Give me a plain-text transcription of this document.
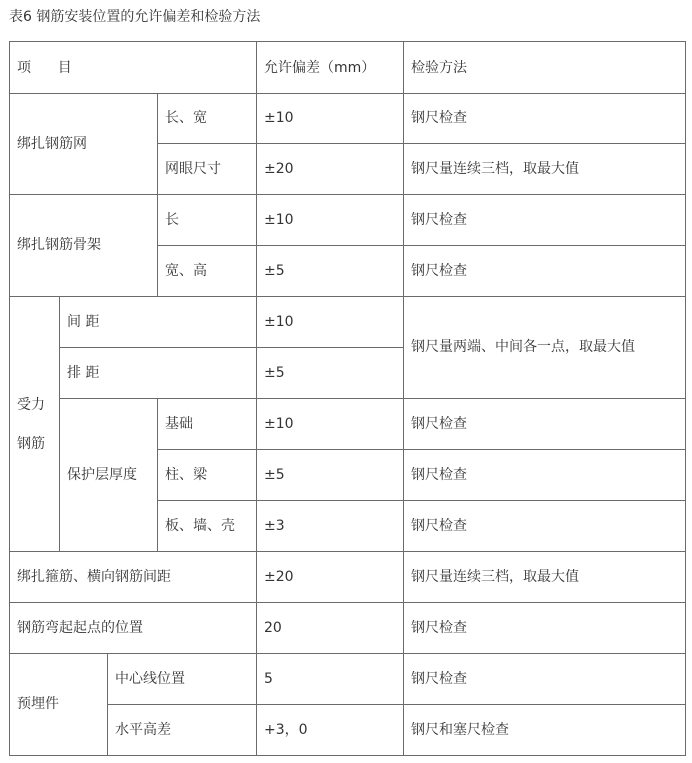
表6 钢筋安装位置的允许偏差和检验方法
项      目	允许偏差（mm）	检验方法
绑扎钢筋网
长、宽	±10	钢尺检查
网眼尺寸	±20	钢尺量连续三档，取最大值
绑扎钢筋骨架
长	±10	钢尺检查
宽、高	±5	钢尺检查
受力
钢筋
间 距	±10
排 距	±5
钢尺量两端、中间各一点，取最大值
保护层厚度
基础	±10	钢尺检查
柱、梁	±5	钢尺检查
板、墙、壳 ±3	钢尺检查
绑扎箍筋、横向钢筋间距	±20	钢尺量连续三档，取最大值
钢筋弯起起点的位置	20	钢尺检查
预埋件
中心线位置	5	钢尺检查
水平高差	+3，0	钢尺和塞尺检查
